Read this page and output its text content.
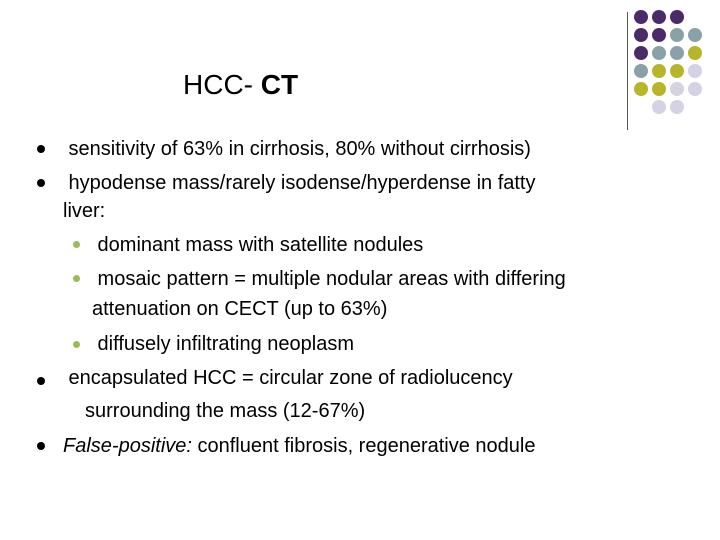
HCC- CT
sensitivity of 63% in cirrhosis, 80% without cirrhosis)
hypodense mass/rarely isodense/hyperdense in fatty
liver:
dominant mass with satellite nodules
mosaic pattern = multiple nodular areas with differing
attenuation on CECT (up to 63%)
diffusely infiltrating neoplasm
encapsulated HCC = circular zone of radiolucency
surrounding the mass (12-67%)
False-positive: confluent fibrosis, regenerative nodule
